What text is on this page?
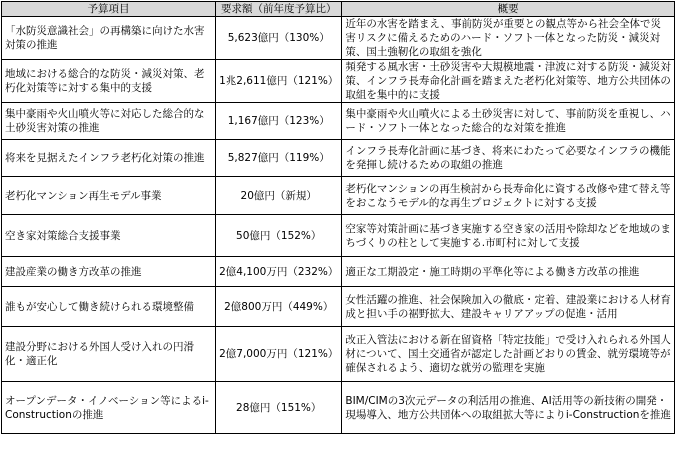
予算項目	要求額（前年度予算比）	概要
「水防災意識社会」の再構築に向けた水害対策の推進	5,623億円（130%）	近年の水害を踏まえ、事前防災が重要との観点等から社会全体で災害リスクに備えるためのハード・ソフト一体となった防災・減災対策、国土強靭化の取組を強化
地域における総合的な防災・減災対策、老朽化対策等に対する集中的支援	1兆2,611億円（121%）	頻発する風水害・土砂災害や大規模地震・津波に対する防災・減災対策、インフラ長寿命化計画を踏まえた老朽化対策等、地方公共団体の取組を集中的に支援
集中豪雨や火山噴火等に対応した総合的な土砂災害対策の推進	1,167億円（123%）	集中豪雨や火山噴火による土砂災害に対して、事前防災を重視し、ハード・ソフト一体となった総合的な対策を推進
将来を見据えたインフラ老朽化対策の推進	5,827億円（119%）	インフラ長寿化計画に基づき、将来にわたって必要なインフラの機能を発揮し続けるための取組の推進
老朽化マンション再生モデル事業	20億円（新規）	老朽化マンションの再生検討から長寿命化に資する改修や建て替え等をおこなうモデル的な再生プロジェクトに対する支援
空き家対策総合支援事業	50億円（152%）	空家等対策計画に基づき実施する空き家の活用や除却などを地域のまちづくりの柱として実施する.市町村に対して支援
建設産業の働き方改革の推進	2億4,100万円（232%）	適正な工期設定・施工時期の平準化等による働き方改革の推進
誰もが安心して働き続けられる環境整備	2億800万円（449%）	女性活躍の推進、社会保険加入の徹底・定着、建設業における人材育成と担い手の裾野拡大、建設キャリアアップの促進・活用
建設分野における外国人受け入れの円滑化・適正化	2億7,000万円（121%）	改正入管法における新在留資格「特定技能」で受け入れられる外国人材について、国土交通省が認定した計画どおりの賃金、就労環境等が確保されるよう、適切な就労の監理を実施
オープンデータ・イノベーション等によるi-Constructionの推進	28億円（151%）	BIM/CIMの3次元データの利活用の推進、AI活用等の新技術の開発・現場導入、地方公共団体への取組拡大等によりi-Constructionを推進
